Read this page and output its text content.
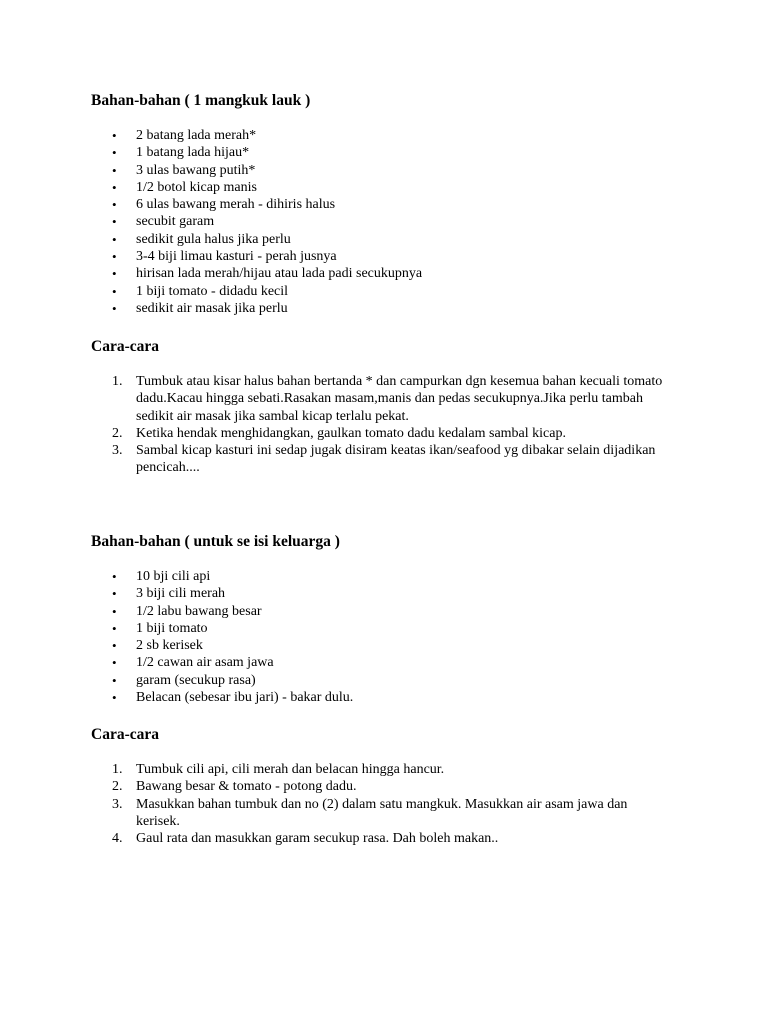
Bahan-bahan ( 1 mangkuk lauk )
• 2 batang lada merah*
• 1 batang lada hijau*
• 3 ulas bawang putih*
• 1/2 botol kicap manis
• 6 ulas bawang merah - dihiris halus
• secubit garam
• sedikit gula halus jika perlu
• 3-4 biji limau kasturi - perah jusnya
• hirisan lada merah/hijau atau lada padi secukupnya
• 1 biji tomato - didadu kecil
• sedikit air masak jika perlu
Cara-cara
1. Tumbuk atau kisar halus bahan bertanda * dan campurkan dgn kesemua bahan kecuali tomato dadu.Kacau hingga sebati.Rasakan masam,manis dan pedas secukupnya.Jika perlu tambah sedikit air masak jika sambal kicap terlalu pekat.
2. Ketika hendak menghidangkan, gaulkan tomato dadu kedalam sambal kicap.
3. Sambal kicap kasturi ini sedap jugak disiram keatas ikan/seafood yg dibakar selain dijadikan pencicah....
Bahan-bahan ( untuk se isi keluarga )
• 10 bji cili api
• 3 biji cili merah
• 1/2 labu bawang besar
• 1 biji tomato
• 2 sb kerisek
• 1/2 cawan air asam jawa
• garam (secukup rasa)
• Belacan (sebesar ibu jari) - bakar dulu.
Cara-cara
1. Tumbuk cili api, cili merah dan belacan hingga hancur.
2. Bawang besar & tomato - potong dadu.
3. Masukkan bahan tumbuk dan no (2) dalam satu mangkuk. Masukkan air asam jawa dan kerisek.
4. Gaul rata dan masukkan garam secukup rasa. Dah boleh makan..
